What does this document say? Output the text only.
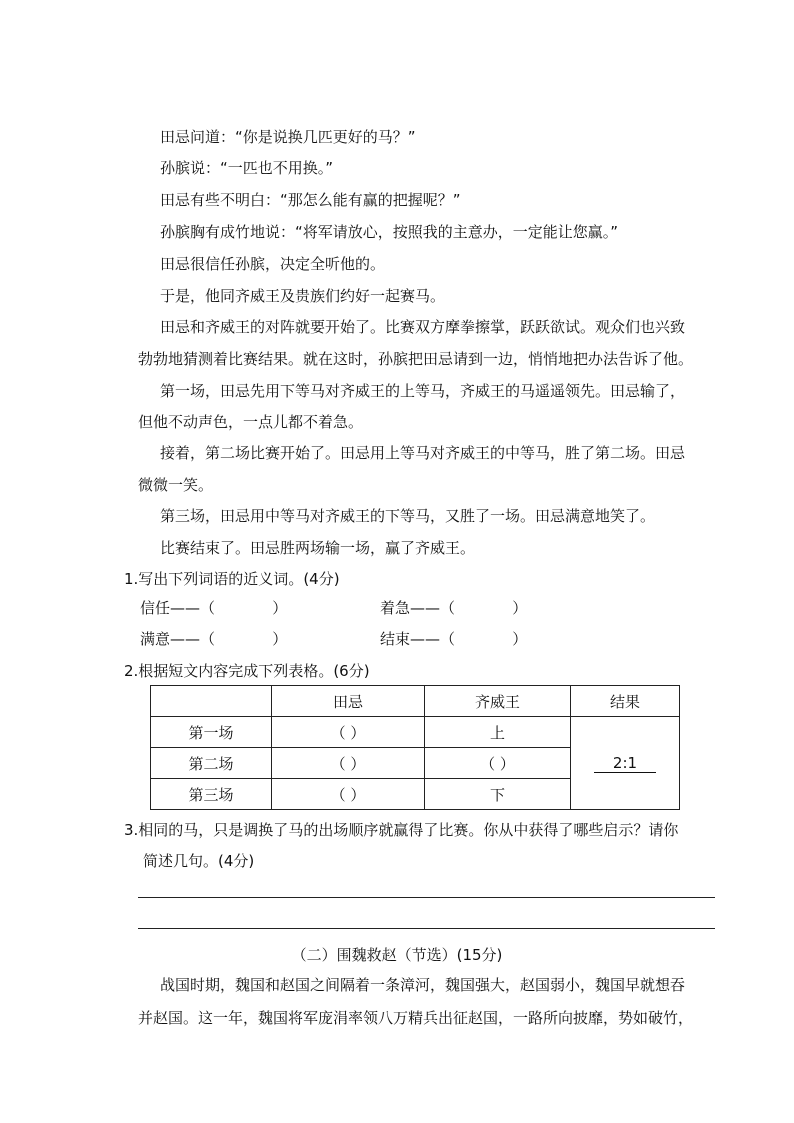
田忌问道：“你是说换几匹更好的马？”
孙膑说：“一匹也不用换。”
田忌有些不明白：“那怎么能有赢的把握呢？”
孙膑胸有成竹地说：“将军请放心，按照我的主意办，一定能让您赢。”
田忌很信任孙膑，决定全听他的。
于是，他同齐威王及贵族们约好一起赛马。
田忌和齐威王的对阵就要开始了。比赛双方摩拳擦掌，跃跃欲试。观众们也兴致
勃勃地猜测着比赛结果。就在这时，孙膑把田忌请到一边，悄悄地把办法告诉了他。
第一场，田忌先用下等马对齐威王的上等马，齐威王的马遥遥领先。田忌输了，
但他不动声色，一点儿都不着急。
接着，第二场比赛开始了。田忌用上等马对齐威王的中等马，胜了第二场。田忌
微微一笑。
第三场，田忌用中等马对齐威王的下等马，又胜了一场。田忌满意地笑了。
比赛结束了。田忌胜两场输一场，赢了齐威王。
1.写出下列词语的近义词。(4分)
信任——（            ）	着急——（            ）
满意——（            ）	结束——（            ）
2.根据短文内容完成下列表格。(6分)
	田忌	齐威王	结果
第一场	（ ）	上	2:1
第二场	（ ）	（ ）	
第三场	（ ）	下	
3.相同的马，只是调换了马的出场顺序就赢得了比赛。你从中获得了哪些启示？请你
简述几句。(4分)
（二）围魏救赵（节选）(15分)
战国时期，魏国和赵国之间隔着一条漳河，魏国强大，赵国弱小，魏国早就想吞
并赵国。这一年，魏国将军庞涓率领八万精兵出征赵国，一路所向披靡，势如破竹，
